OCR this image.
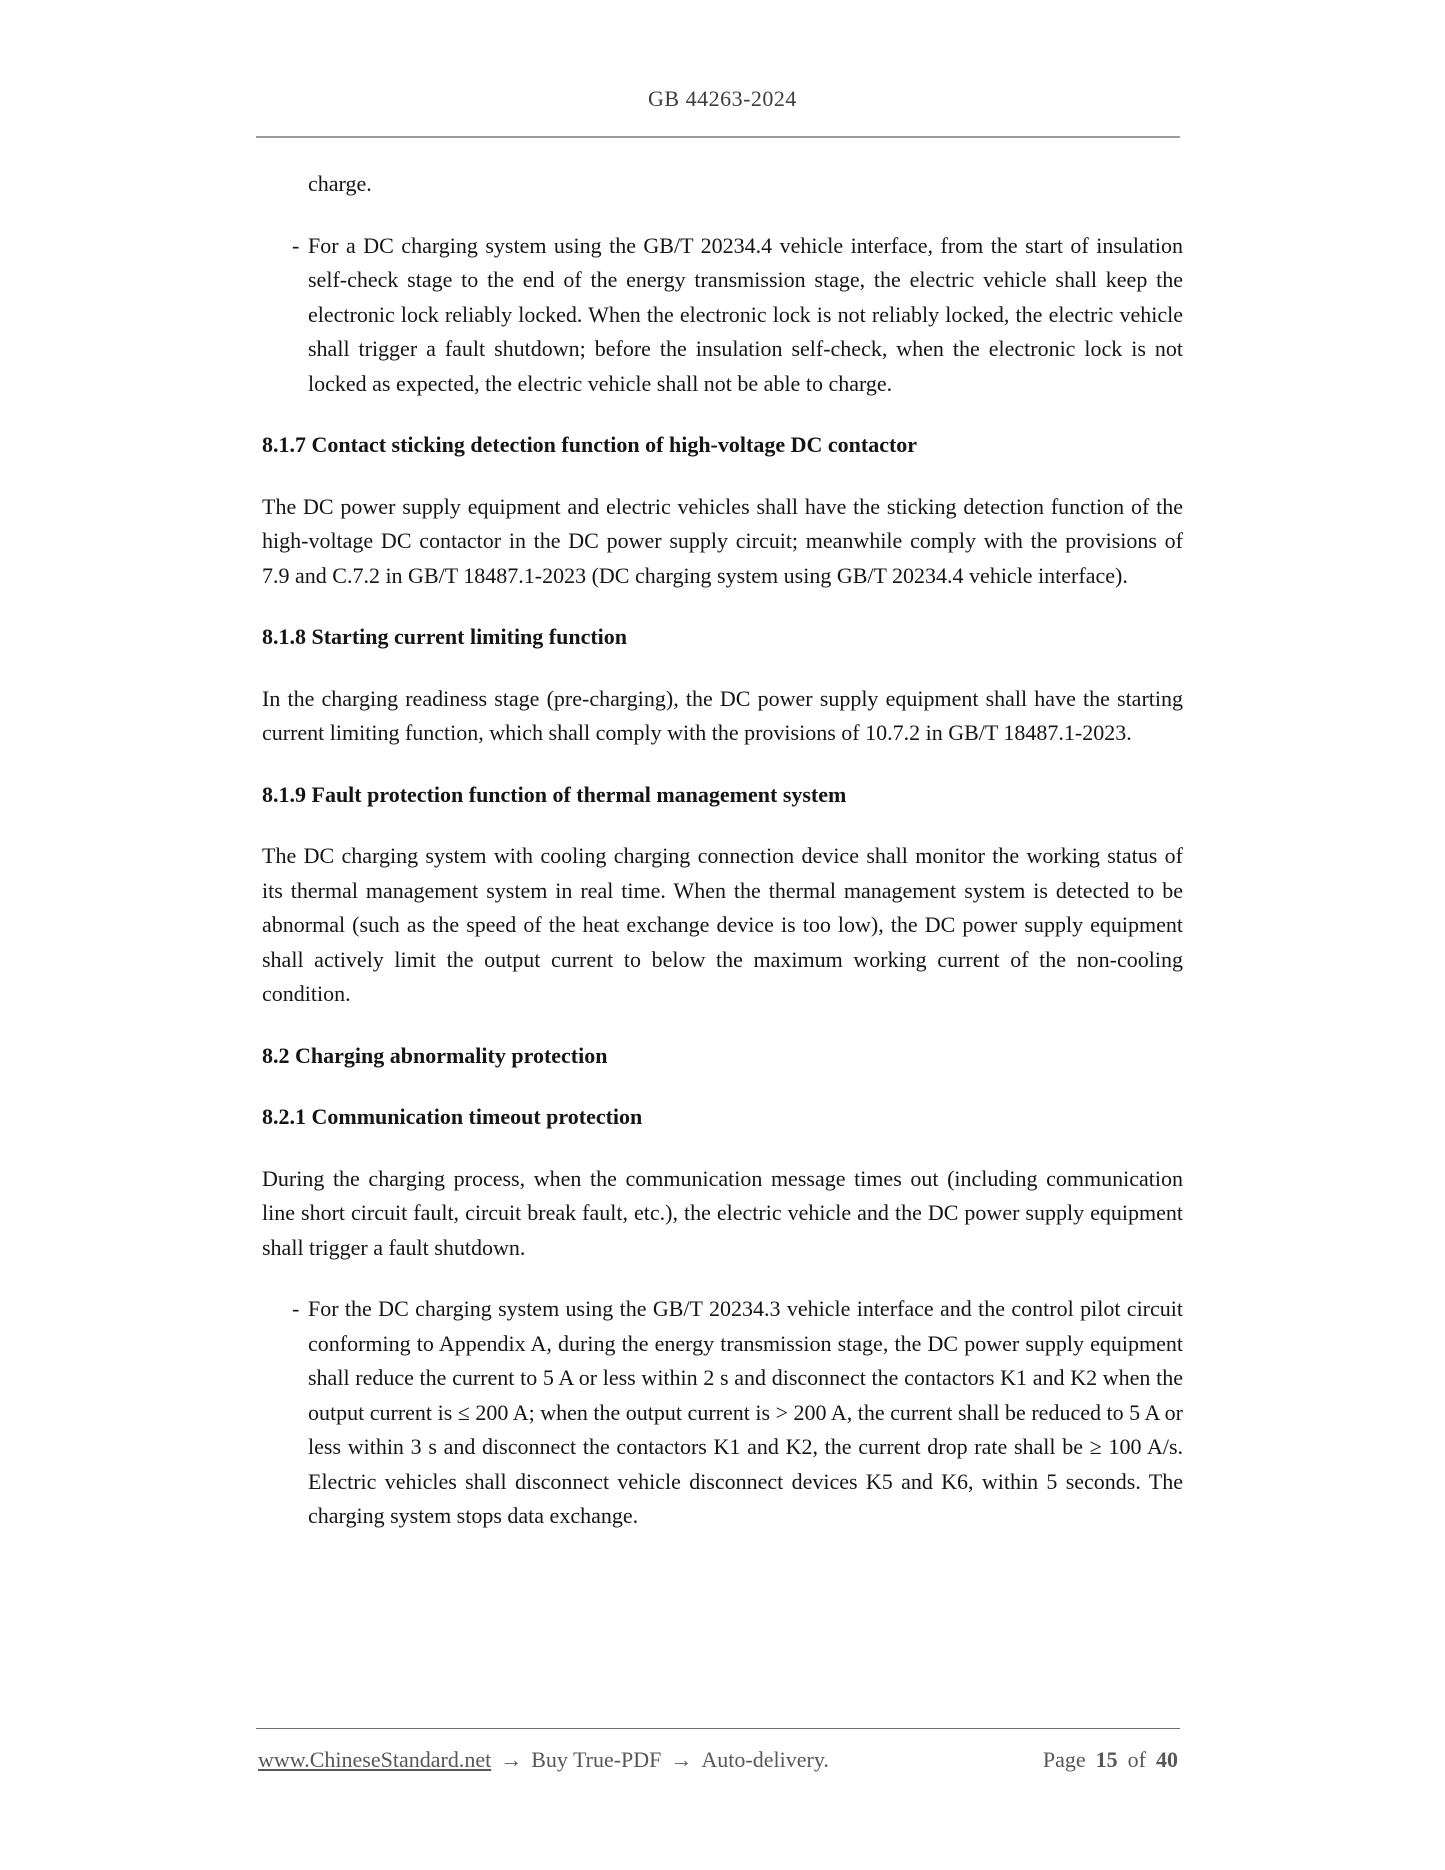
GB 44263-2024
charge.
- For a DC charging system using the GB/T 20234.4 vehicle interface, from the start of insulation self-check stage to the end of the energy transmission stage, the electric vehicle shall keep the electronic lock reliably locked. When the electronic lock is not reliably locked, the electric vehicle shall trigger a fault shutdown; before the insulation self-check, when the electronic lock is not locked as expected, the electric vehicle shall not be able to charge.
8.1.7 Contact sticking detection function of high-voltage DC contactor
The DC power supply equipment and electric vehicles shall have the sticking detection function of the high-voltage DC contactor in the DC power supply circuit; meanwhile comply with the provisions of 7.9 and C.7.2 in GB/T 18487.1-2023 (DC charging system using GB/T 20234.4 vehicle interface).
8.1.8 Starting current limiting function
In the charging readiness stage (pre-charging), the DC power supply equipment shall have the starting current limiting function, which shall comply with the provisions of 10.7.2 in GB/T 18487.1-2023.
8.1.9 Fault protection function of thermal management system
The DC charging system with cooling charging connection device shall monitor the working status of its thermal management system in real time. When the thermal management system is detected to be abnormal (such as the speed of the heat exchange device is too low), the DC power supply equipment shall actively limit the output current to below the maximum working current of the non-cooling condition.
8.2 Charging abnormality protection
8.2.1 Communication timeout protection
During the charging process, when the communication message times out (including communication line short circuit fault, circuit break fault, etc.), the electric vehicle and the DC power supply equipment shall trigger a fault shutdown.
- For the DC charging system using the GB/T 20234.3 vehicle interface and the control pilot circuit conforming to Appendix A, during the energy transmission stage, the DC power supply equipment shall reduce the current to 5 A or less within 2 s and disconnect the contactors K1 and K2 when the output current is ≤ 200 A; when the output current is > 200 A, the current shall be reduced to 5 A or less within 3 s and disconnect the contactors K1 and K2, the current drop rate shall be ≥ 100 A/s. Electric vehicles shall disconnect vehicle disconnect devices K5 and K6, within 5 seconds. The charging system stops data exchange.
www.ChineseStandard.net → Buy True-PDF → Auto-delivery.	Page 15 of 40
